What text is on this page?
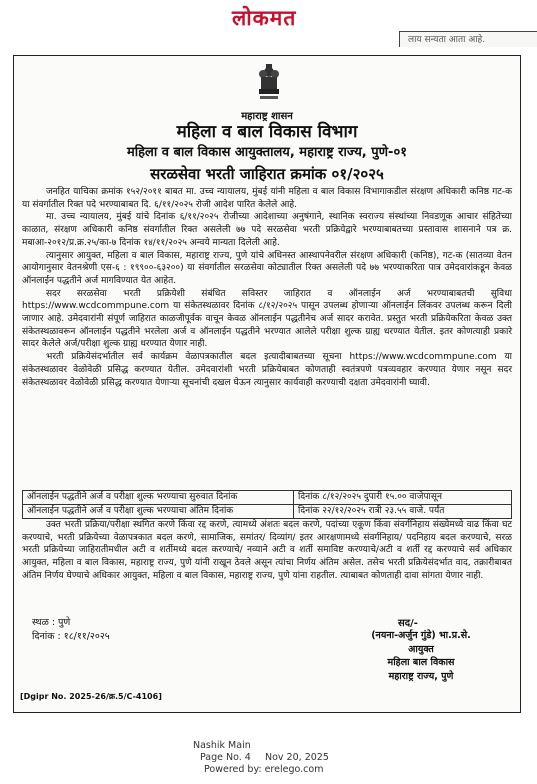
लोकमत
लाय सन्यता आता आहे.
महाराष्ट्र शासन
महिला व बाल विकास विभाग
महिला व बाल विकास आयुक्तालय, महाराष्ट्र राज्य, पुणे-०१
सरळसेवा भरती जाहिरात क्रमांक ०१/२०२५

जनहित याचिका क्रमांक १५२/२०११ बाबत मा. उच्च न्यायालय, मुंबई यांनी महिला व बाल विकास विभागाकडील संरक्षण अधिकारी कनिष्ठ गट-क या संवर्गातील रिक्त पदे भरण्याबाबत दि. ६/११/२०२५ रोजी आदेश पारित केलेले आहे.

मा. उच्च न्यायालय, मुंबई यांचे दिनांक ६/११/२०२५ रोजीच्या आदेशाच्या अनुषंगाने, स्थानिक स्वराज्य संस्थांच्या निवडणूक आचार संहितेच्या काळात, संरक्षण अधिकारी कनिष्ठ संवर्गातील रिक्त असलेली ७७ पदे सरळसेवा भरती प्रक्रियेद्वारे भरण्याबाबतच्या प्रस्तावास शासनाने पत्र क्र. मबाआ-२०१२/प्र.क्र.२५/का-७ दिनांक १४/११/२०२५ अन्वये मान्यता दिलेली आहे.

त्यानुसार आयुक्त, महिला व बाल विकास, महाराष्ट्र राज्य, पुणे यांचे अधिनस्त आस्थापनेवरील संरक्षण अधिकारी (कनिष्ठ), गट-क (सातव्या वेतन आयोगानुसार वेतनश्रेणी एस-६ : १९९००-६३२००) या संवर्गातील सरळसेवा कोट्यातील रिक्त असलेली पदे ७७ भरण्याकरिता पात्र उमेदवारांकडून केवळ ऑनलाईन पद्धतीने अर्ज मागविण्यात येत आहेत.

सदर सरळसेवा भरती प्रक्रियेशी संबंधित सविस्तर जाहिरात व ऑनलाईन अर्ज भरण्याबाबतची सुविधा https://www.wcdcommpune.com या संकेतस्थळावर दिनांक ८/१२/२०२५ पासून उपलब्ध होणाऱ्या ऑनलाईन लिंकवर उपलब्ध करून दिली जाणार आहे. उमेदवारांनी संपूर्ण जाहिरात काळजीपूर्वक वाचून केवळ ऑनलाईन पद्धतीनेच अर्ज सादर करावेत. प्रस्तुत भरती प्रक्रियेकरिता केवळ उक्त संकेतस्थळावरून ऑनलाईन पद्धतीने भरलेला अर्ज व ऑनलाईन पद्धतीने भरण्यात आलेले परीक्षा शुल्क ग्राह्य धरण्यात येतील. इतर कोणत्याही प्रकारे सादर केलेले अर्ज/परीक्षा शुल्क ग्राह्य धरण्यात येणार नाही.

भरती प्रक्रियेसंदर्भातील सर्व कार्यक्रम वेळापत्रकातील बदल इत्यादीबाबतच्या सूचना https://www.wcdcommpune.com या संकेतस्थळावर वेळोवेळी प्रसिद्ध करण्यात येतील. उमेदवारांशी भरती प्रक्रियेबाबत कोणताही स्वतंत्रपणे पत्रव्यवहार करण्यात येणार नसून सदर संकेतस्थळावर वेळोवेळी प्रसिद्ध करण्यात येणाऱ्या सूचनांची दखल घेऊन त्यानुसार कार्यवाही करण्याची दक्षता उमेदवारांनी घ्यावी.

ऑनलाईन पद्धतीने अर्ज व परीक्षा शुल्क भरण्याचा सुरुवात दिनांक	दिनांक ८/१२/२०२५ दुपारी १५.०० वाजेपासून
ऑनलाईन पद्धतीने अर्ज व परीक्षा शुल्क भरण्याचा अंतिम दिनांक	दिनांक २२/१२/२०२५ रात्री २३.५५ वाजे. पर्यंत

उक्त भरती प्रक्रिया/परीक्षा स्थगित करणे किंवा रद्द करणे, त्यामध्ये अंशतः बदल करणे, पदांच्या एकूण किंवा संवर्गनिहाय संख्येमध्ये वाढ किंवा घट करण्याचे, भरती प्रक्रियेच्या वेळापत्रकात बदल करणे, सामाजिक, समांतर/ दिव्यांग/ इतर आरक्षणामध्ये संवर्गनिहाय/ पदनिहाय बदल करण्याचे, सरळ भरती प्रक्रियेच्या जाहिरातीमधील अटी व शर्तीमध्ये बदल करण्याचे/ नव्याने अटी व शर्ती समाविष्ट करण्याचे/अटी व शर्ती रद्द करण्याचे सर्व अधिकार आयुक्त, महिला व बाल विकास, महाराष्ट्र राज्य, पुणे यांनी राखून ठेवले असून त्यांचा निर्णय अंतिम असेल. तसेच भरती प्रक्रियेसंदर्भात वाद, तक्रारीबाबत अंतिम निर्णय घेण्याचे अधिकार आयुक्त, महिला व बाल विकास, महाराष्ट्र राज्य, पुणे यांना राहतील. त्याबाबत कोणताही दावा सांगता येणार नाही.

स्थळ : पुणे
दिनांक : १८/११/२०२५
सद/-
(नयना-अर्जुन गुंडे) भा.प्र.से.
आयुक्त
महिला बाल विकास
महाराष्ट्र राज्य, पुणे
[Dgipr No. 2025-26/क्र.5/C-4106]
Nashik Main
Page No. 4 Nov 20, 2025
Powered by: erelego.com
